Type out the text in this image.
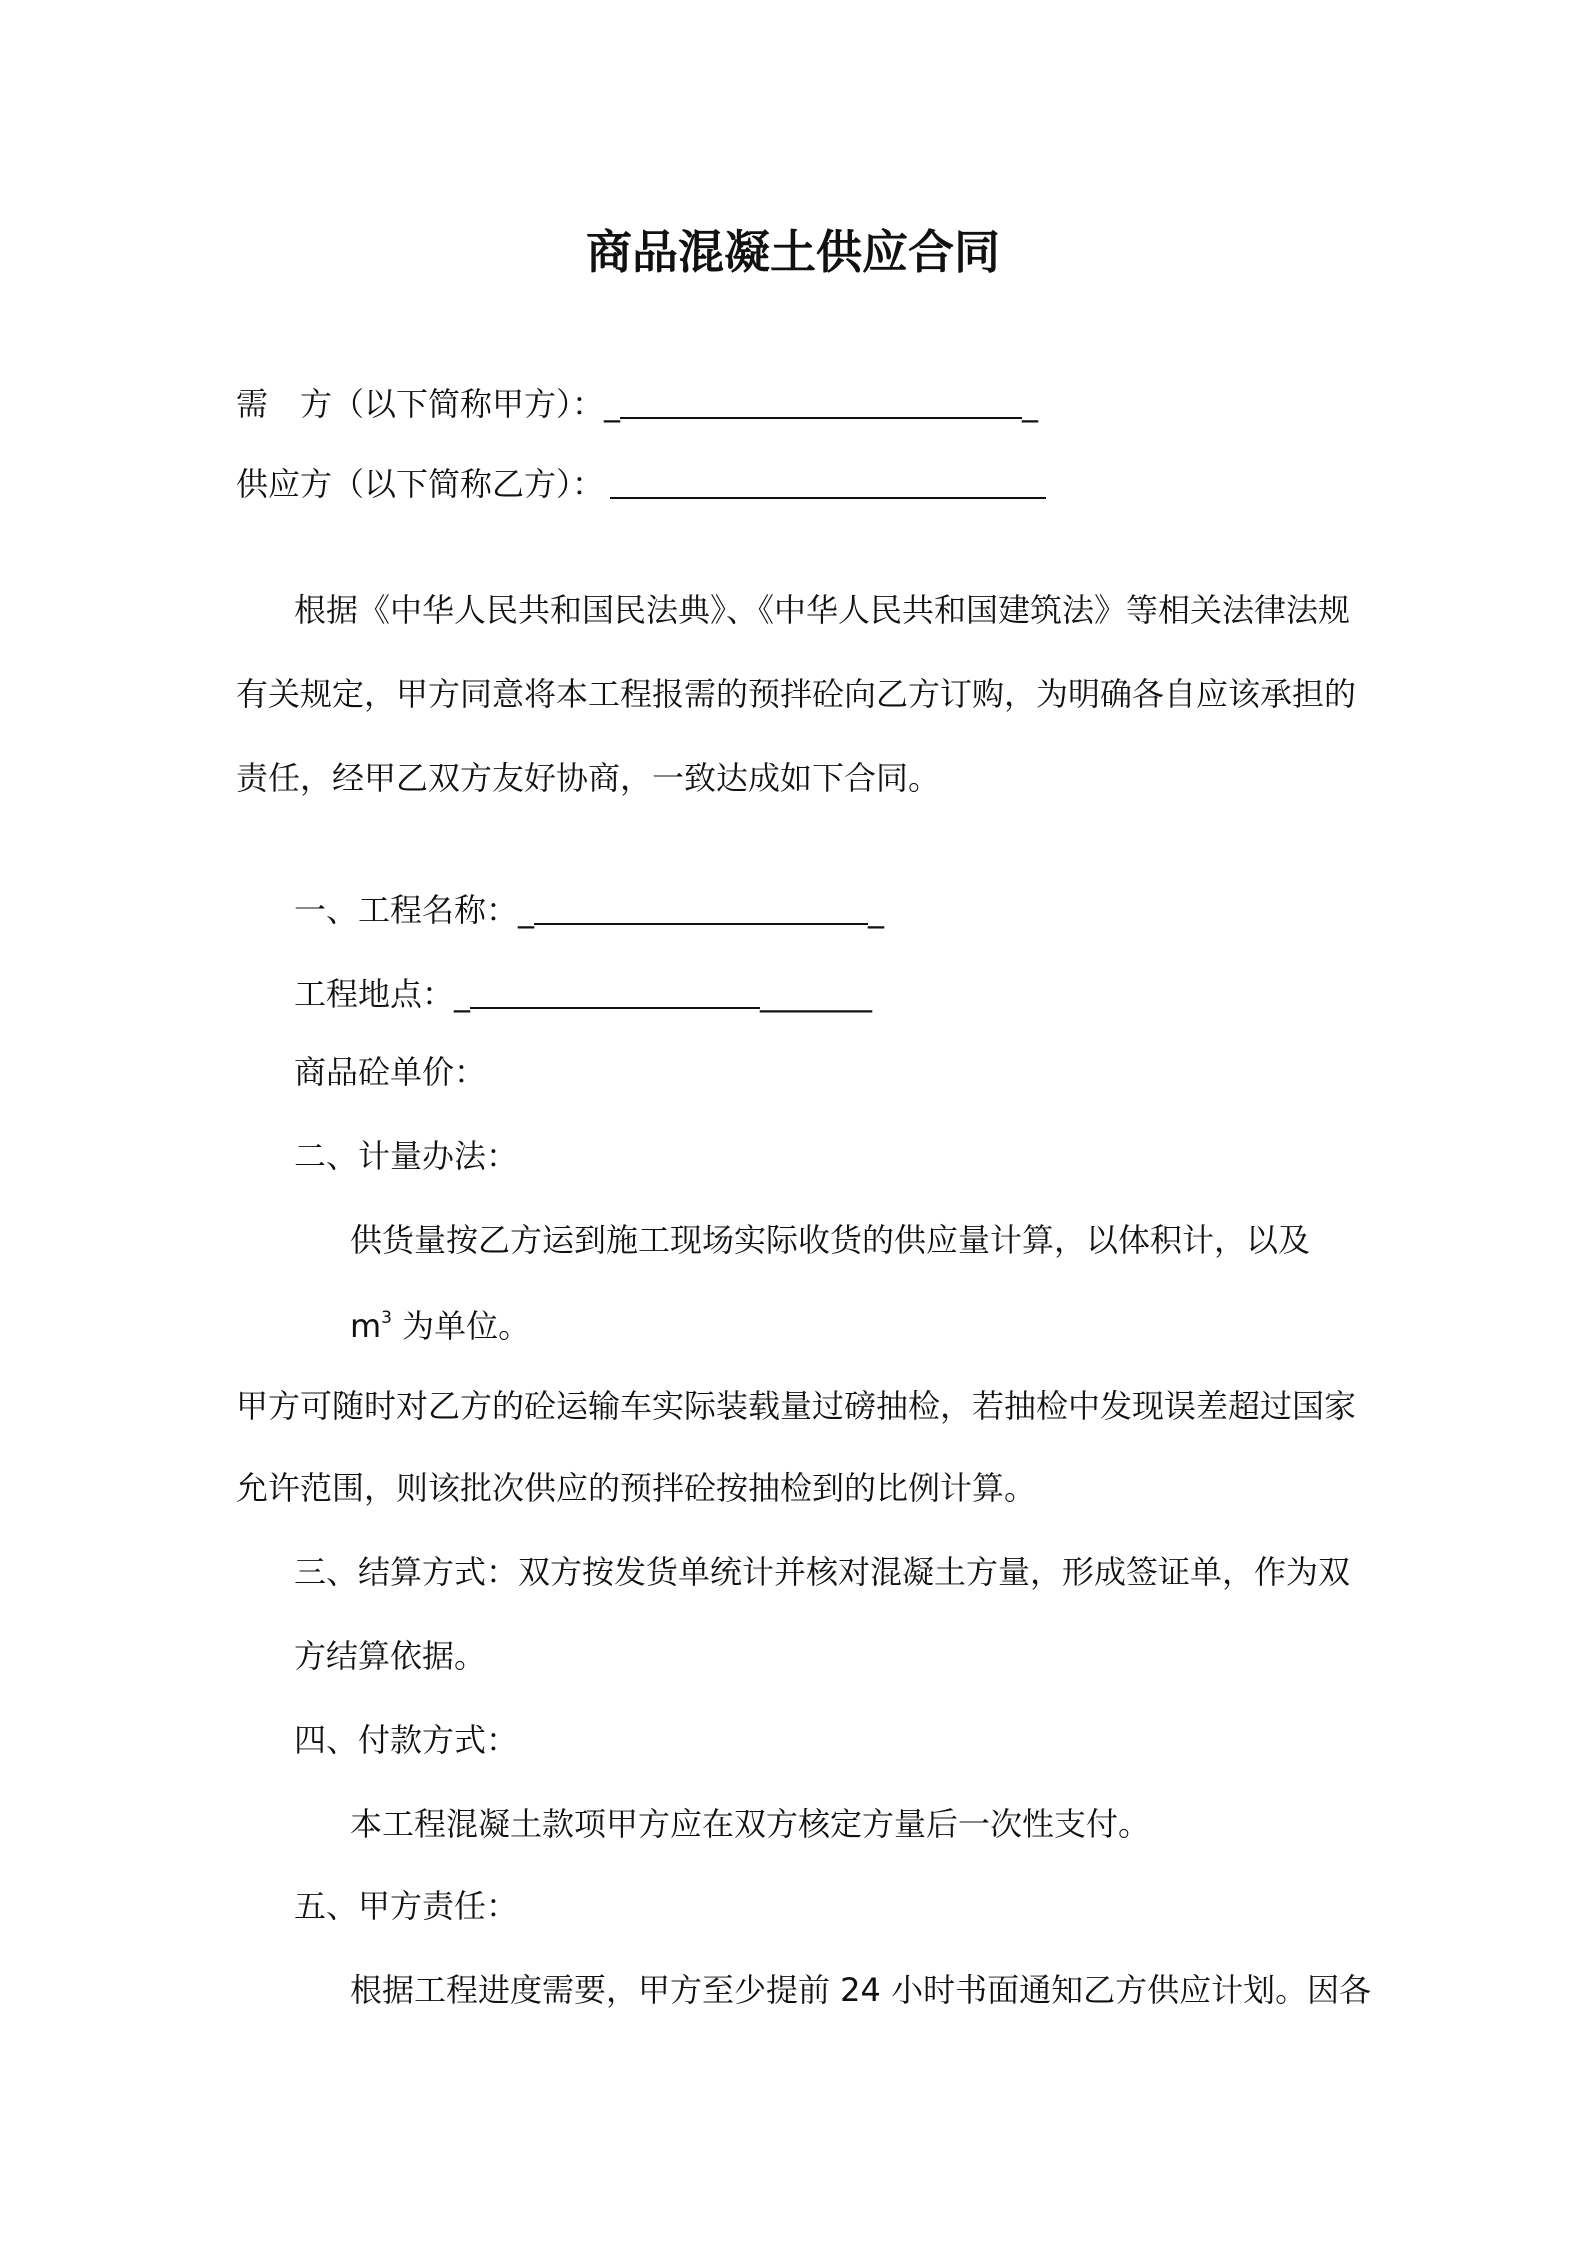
商品混凝土供应合同

需　方（以下简称甲方）：_	_

供应方（以下简称乙方）：

根据《中华人民共和国民法典》、《中华人民共和国建筑法》等相关法律法规

有关规定，甲方同意将本工程报需的预拌砼向乙方订购，为明确各自应该承担的

责任，经甲乙双方友好协商，一致达成如下合同。

一、工程名称：_	_

工程地点：_	_______

商品砼单价：

二、计量办法：

供货量按乙方运到施工现场实际收货的供应量计算，以体积计，以及

$m^3$ 为单位。

甲方可随时对乙方的砼运输车实际装载量过磅抽检，若抽检中发现误差超过国家

允许范围，则该批次供应的预拌砼按抽检到的比例计算。

三、结算方式：双方按发货单统计并核对混凝土方量，形成签证单，作为双

方结算依据。

四、付款方式：

本工程混凝土款项甲方应在双方核定方量后一次性支付。

五、甲方责任：

根据工程进度需要，甲方至少提前 24 小时书面通知乙方供应计划。因各
